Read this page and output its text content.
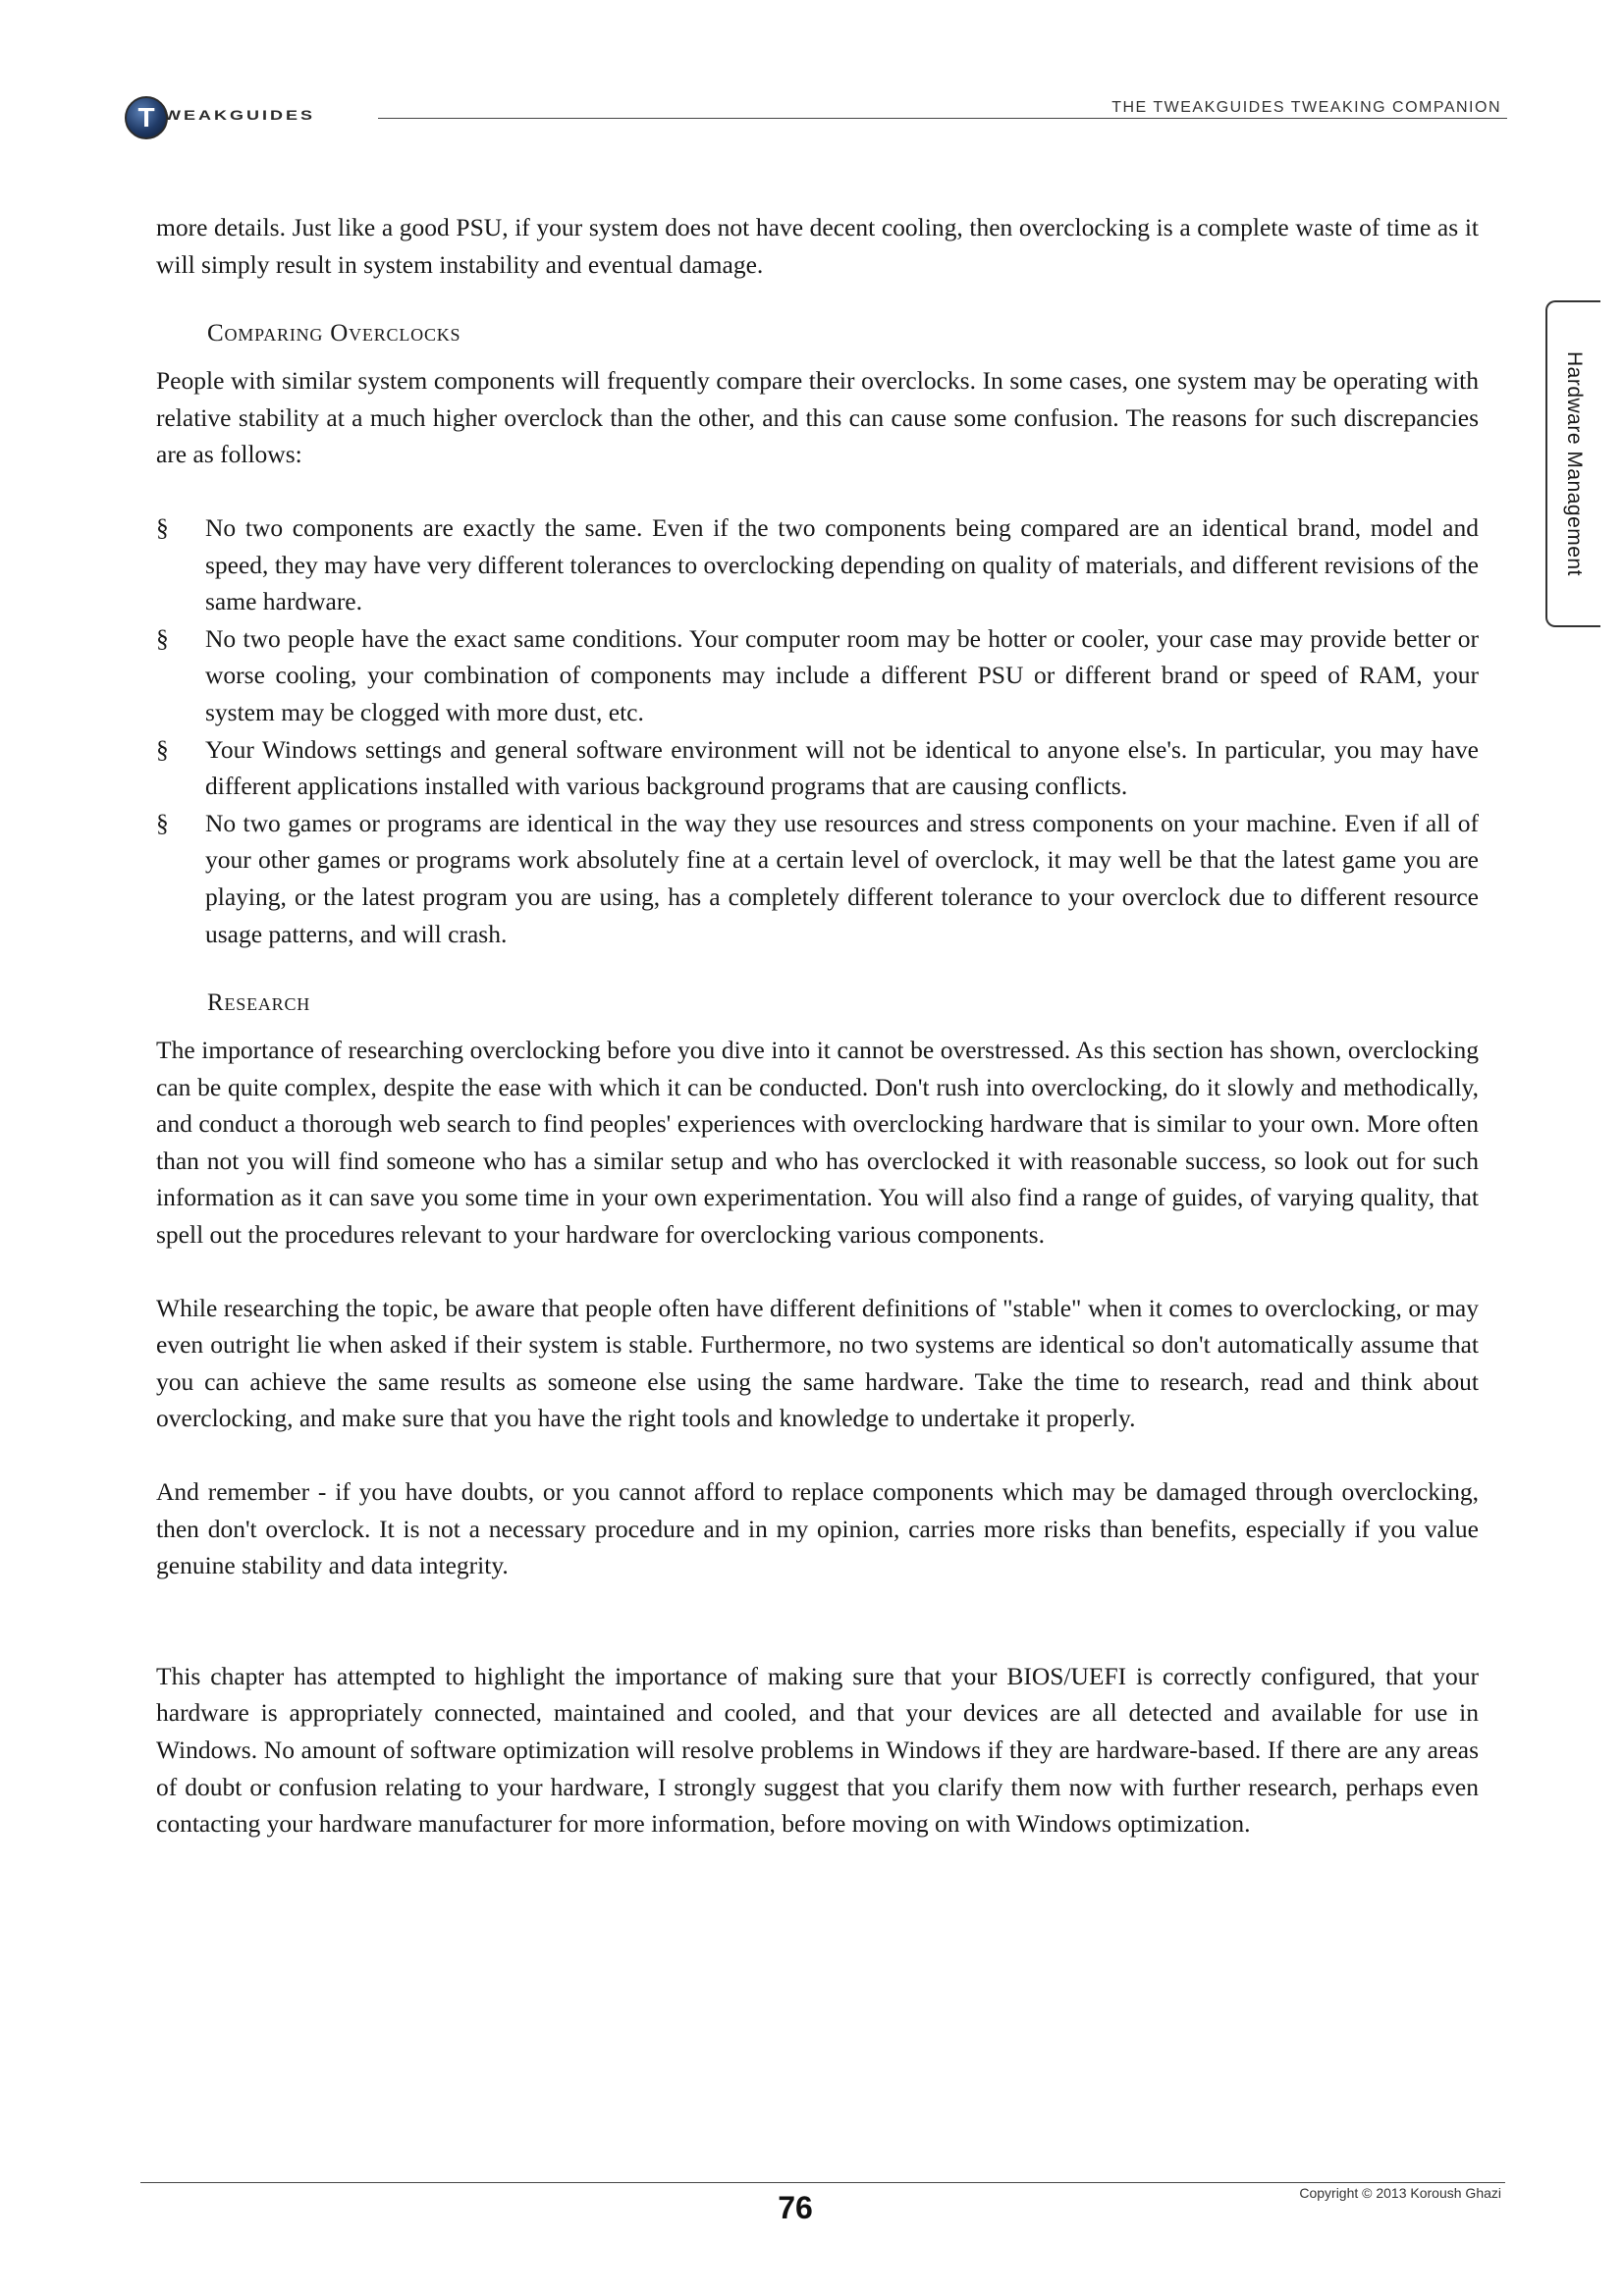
T WEAKGUIDES	THE TWEAKGUIDES TWEAKING COMPANION
Hardware Management

more details. Just like a good PSU, if your system does not have decent cooling, then overclocking is a complete waste of time as it will simply result in system instability and eventual damage.

Comparing Overclocks

People with similar system components will frequently compare their overclocks. In some cases, one system may be operating with relative stability at a much higher overclock than the other, and this can cause some confusion. The reasons for such discrepancies are as follows:

§ No two components are exactly the same. Even if the two components being compared are an identical brand, model and speed, they may have very different tolerances to overclocking depending on quality of materials, and different revisions of the same hardware.
§ No two people have the exact same conditions. Your computer room may be hotter or cooler, your case may provide better or worse cooling, your combination of components may include a different PSU or different brand or speed of RAM, your system may be clogged with more dust, etc.
§ Your Windows settings and general software environment will not be identical to anyone else's. In particular, you may have different applications installed with various background programs that are causing conflicts.
§ No two games or programs are identical in the way they use resources and stress components on your machine. Even if all of your other games or programs work absolutely fine at a certain level of overclock, it may well be that the latest game you are playing, or the latest program you are using, has a completely different tolerance to your overclock due to different resource usage patterns, and will crash.
Research

The importance of researching overclocking before you dive into it cannot be overstressed. As this section has shown, overclocking can be quite complex, despite the ease with which it can be conducted. Don't rush into overclocking, do it slowly and methodically, and conduct a thorough web search to find peoples' experiences with overclocking hardware that is similar to your own. More often than not you will find someone who has a similar setup and who has overclocked it with reasonable success, so look out for such information as it can save you some time in your own experimentation. You will also find a range of guides, of varying quality, that spell out the procedures relevant to your hardware for overclocking various components.

While researching the topic, be aware that people often have different definitions of "stable" when it comes to overclocking, or may even outright lie when asked if their system is stable. Furthermore, no two systems are identical so don't automatically assume that you can achieve the same results as someone else using the same hardware. Take the time to research, read and think about overclocking, and make sure that you have the right tools and knowledge to undertake it properly.

And remember - if you have doubts, or you cannot afford to replace components which may be damaged through overclocking, then don't overclock. It is not a necessary procedure and in my opinion, carries more risks than benefits, especially if you value genuine stability and data integrity.

This chapter has attempted to highlight the importance of making sure that your BIOS/UEFI is correctly configured, that your hardware is appropriately connected, maintained and cooled, and that your devices are all detected and available for use in Windows. No amount of software optimization will resolve problems in Windows if they are hardware-based. If there are any areas of doubt or confusion relating to your hardware, I strongly suggest that you clarify them now with further research, perhaps even contacting your hardware manufacturer for more information, before moving on with Windows optimization.

76	Copyright © 2013 Koroush Ghazi
